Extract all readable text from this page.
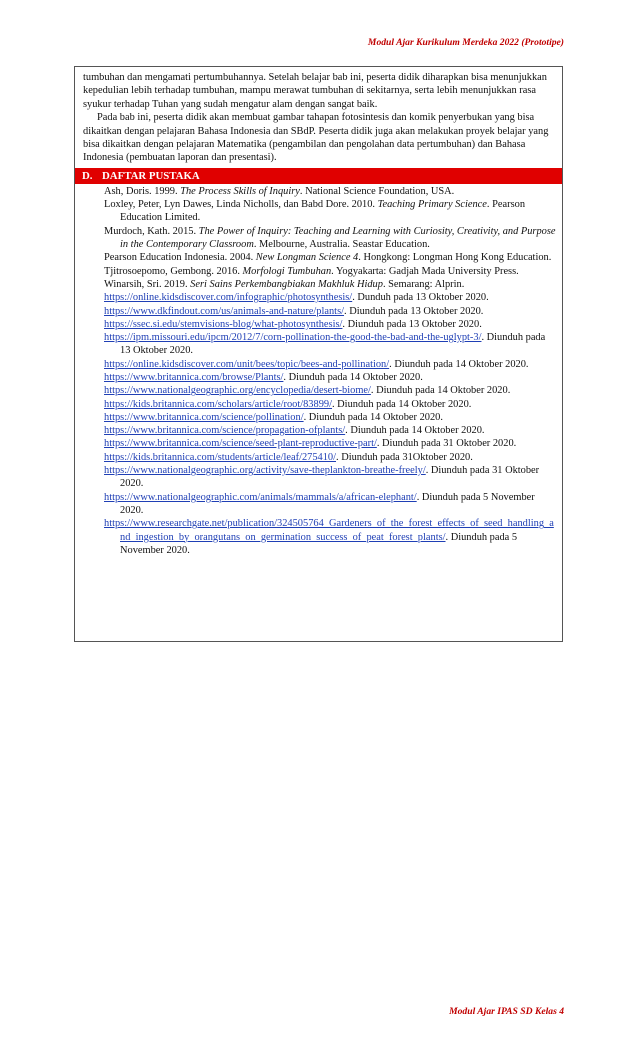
Modul Ajar Kurikulum Merdeka 2022 (Prototipe)

tumbuhan dan mengamati pertumbuhannya. Setelah belajar bab ini, peserta didik diharapkan bisa menunjukkan kepedulian lebih terhadap tumbuhan, mampu merawat tumbuhan di sekitarnya, serta lebih menunjukkan rasa syukur terhadap Tuhan yang sudah mengatur alam dengan sangat baik.

Pada bab ini, peserta didik akan membuat gambar tahapan fotosintesis dan komik penyerbukan yang bisa dikaitkan dengan pelajaran Bahasa Indonesia dan SBdP. Peserta didik juga akan melakukan proyek belajar yang bisa dikaitkan dengan pelajaran Matematika (pengambilan dan pengolahan data pertumbuhan) dan Bahasa Indonesia (pembuatan laporan dan presentasi).

D. DAFTAR PUSTAKA

Ash, Doris. 1999. The Process Skills of Inquiry. National Science Foundation, USA.

Loxley, Peter, Lyn Dawes, Linda Nicholls, dan Babd Dore. 2010. Teaching Primary Science. Pearson Education Limited.

Murdoch, Kath. 2015. The Power of Inquiry: Teaching and Learning with Curiosity, Creativity, and Purpose in the Contemporary Classroom. Melbourne, Australia. Seastar Education.

Pearson Education Indonesia. 2004. New Longman Science 4. Hongkong: Longman Hong Kong Education.

Tjitrosoepomo, Gembong. 2016. Morfologi Tumbuhan. Yogyakarta: Gadjah Mada University Press.

Winarsih, Sri. 2019. Seri Sains Perkembangbiakan Makhluk Hidup. Semarang: Alprin.

https://online.kidsdiscover.com/infographic/photosynthesis/. Dunduh pada 13 Oktober 2020.

https://www.dkfindout.com/us/animals-and-nature/plants/. Diunduh pada 13 Oktober 2020.

https://ssec.si.edu/stemvisions-blog/what-photosynthesis/. Diunduh pada 13 Oktober 2020.

https://ipm.missouri.edu/ipcm/2012/7/corn-pollination-the-good-the-bad-and-the-uglypt-3/. Diunduh pada 13 Oktober 2020.

https://online.kidsdiscover.com/unit/bees/topic/bees-and-pollination/. Diunduh pada 14 Oktober 2020.

https://www.britannica.com/browse/Plants/. Diunduh pada 14 Oktober 2020.

https://www.nationalgeographic.org/encyclopedia/desert-biome/. Diunduh pada 14 Oktober 2020.

https://kids.britannica.com/scholars/article/root/83899/. Diunduh pada 14 Oktober 2020.

https://www.britannica.com/science/pollination/. Diunduh pada 14 Oktober 2020.

https://www.britannica.com/science/propagation-ofplants/. Diunduh pada 14 Oktober 2020.

https://www.britannica.com/science/seed-plant-reproductive-part/. Diunduh pada 31 Oktober 2020.

https://kids.britannica.com/students/article/leaf/275410/. Diunduh pada 31Oktober 2020.

https://www.nationalgeographic.org/activity/save-theplankton-breathe-freely/. Diunduh pada 31 Oktober 2020.

https://www.nationalgeographic.com/animals/mammals/a/african-elephant/. Diunduh pada 5 November 2020.

https://www.researchgate.net/publication/324505764_Gardeners_of_the_forest_effects_of_seed_handling_and_ingestion_by_orangutans_on_germination_success_of_peat_forest_plants/. Diunduh pada 5 November 2020.

Modul Ajar IPAS SD Kelas 4
